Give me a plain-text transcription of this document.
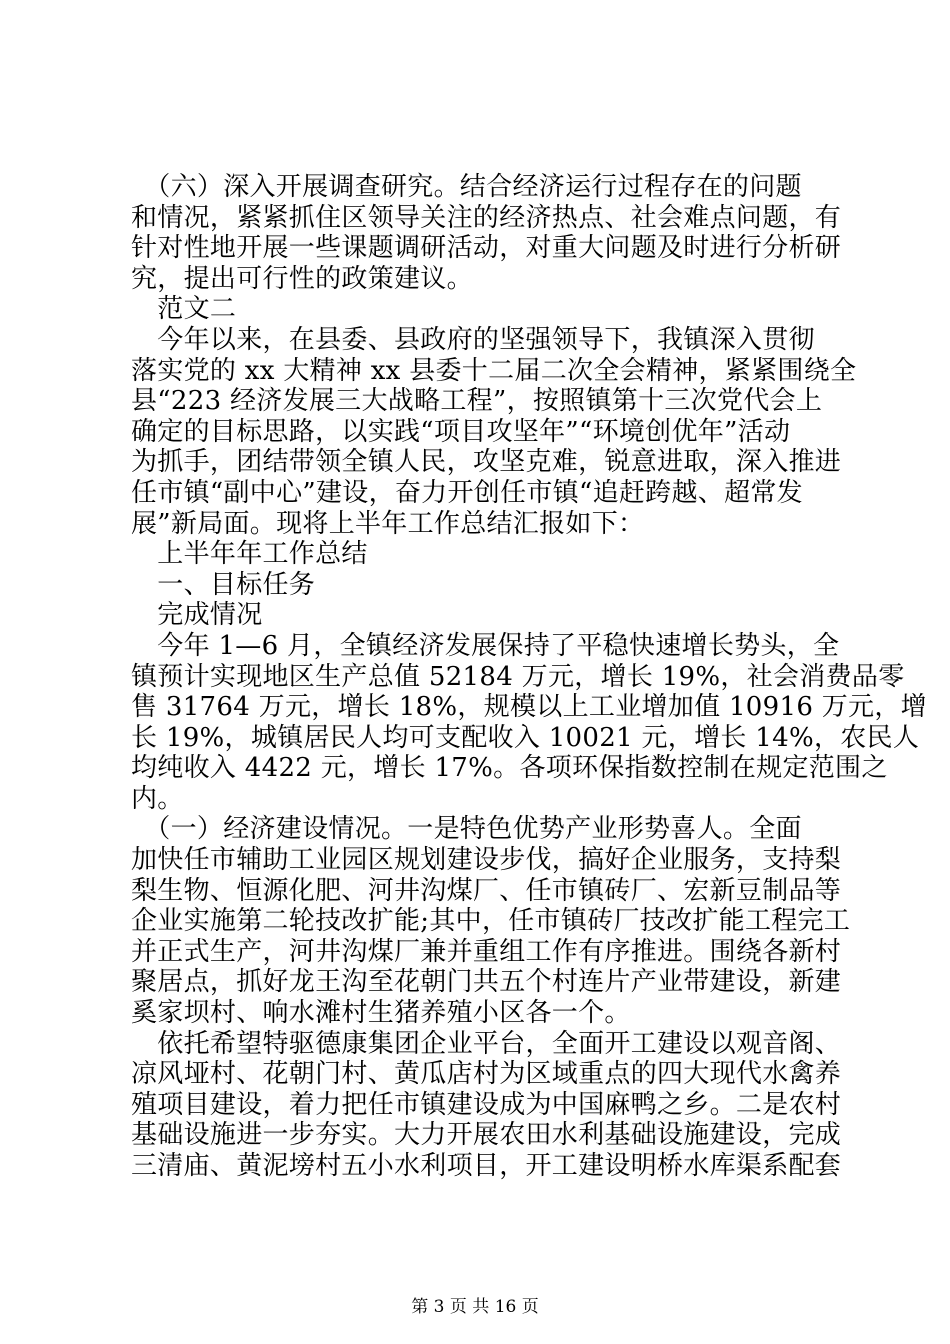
　（六）深入开展调查研究。结合经济运行过程存在的问题
和情况，紧紧抓住区领导关注的经济热点、社会难点问题，有
针对性地开展一些课题调研活动，对重大问题及时进行分析研
究，提出可行性的政策建议。
　范文二
　今年以来，在县委、县政府的坚强领导下，我镇深入贯彻
落实党的 xx 大精神 xx 县委十二届二次全会精神，紧紧围绕全
县“223 经济发展三大战略工程”，按照镇第十三次党代会上
确定的目标思路，以实践“项目攻坚年”“环境创优年”活动
为抓手，团结带领全镇人民，攻坚克难，锐意进取，深入推进
任市镇“副中心”建设，奋力开创任市镇“追赶跨越、超常发
展”新局面。现将上半年工作总结汇报如下：
　上半年年工作总结
　一、目标任务
　完成情况
　今年 1—6 月，全镇经济发展保持了平稳快速增长势头，全
镇预计实现地区生产总值 52184 万元，增长 19%，社会消费品零
售 31764 万元，增长 18%，规模以上工业增加值 10916 万元，增
长 19%，城镇居民人均可支配收入 10021 元，增长 14%，农民人
均纯收入 4422 元，增长 17%。各项环保指数控制在规定范围之
内。
　（一）经济建设情况。一是特色优势产业形势喜人。全面
加快任市辅助工业园区规划建设步伐，搞好企业服务，支持梨
梨生物、恒源化肥、河井沟煤厂、任市镇砖厂、宏新豆制品等
企业实施第二轮技改扩能;其中，任市镇砖厂技改扩能工程完工
并正式生产，河井沟煤厂兼并重组工作有序推进。围绕各新村
聚居点，抓好龙王沟至花朝门共五个村连片产业带建设，新建
奚家坝村、响水滩村生猪养殖小区各一个。
　依托希望特驱德康集团企业平台，全面开工建设以观音阁、
凉风垭村、花朝门村、黄瓜店村为区域重点的四大现代水禽养
殖项目建设，着力把任市镇建设成为中国麻鸭之乡。二是农村
基础设施进一步夯实。大力开展农田水利基础设施建设，完成
三清庙、黄泥塝村五小水利项目，开工建设明桥水库渠系配套
第 3 页 共 16 页
